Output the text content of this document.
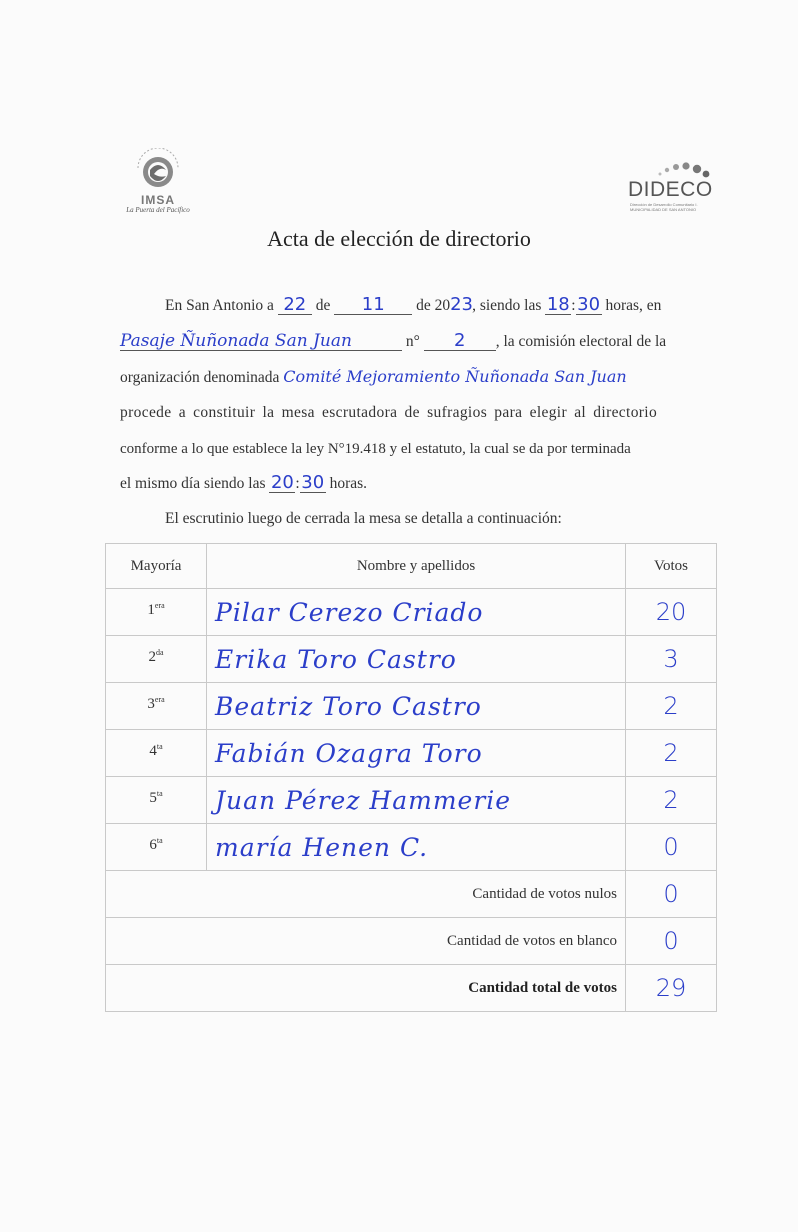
IMSA
La Puerta del Pacífico
DIDECO
Dirección de Desarrollo Comunitario I. MUNICIPALIDAD DE SAN ANTONIO
Acta de elección de directorio
En San Antonio a 22 de 11 de 2023, siendo las 18:30 horas, en
Pasaje Ñuñonada San Juan	n° 2 , la comisión electoral de la
organización denominada Comité Mejoramiento Ñuñonada San Juan
procede a constituir la mesa escrutadora de sufragios para elegir al directorio
conforme a lo que establece la ley N°19.418 y el estatuto, la cual se da por terminada
el mismo día siendo las 20:30 horas.
El escrutinio luego de cerrada la mesa se detalla a continuación:
Mayoría	Nombre y apellidos	Votos
$1^{era}$	Pilar Cerezo Criado	20
$2^{da}$	Erika Toro Castro	3
$3^{era}$	Beatriz Toro Castro	2
$4^{ta}$	Fabián Ozagra Toro	2
$5^{ta}$	Juan Pérez Hammerie	2
$6^{ta}$	maría Henen C.	0
Cantidad de votos nulos		0
Cantidad de votos en blanco		0
Cantidad total de votos		29
